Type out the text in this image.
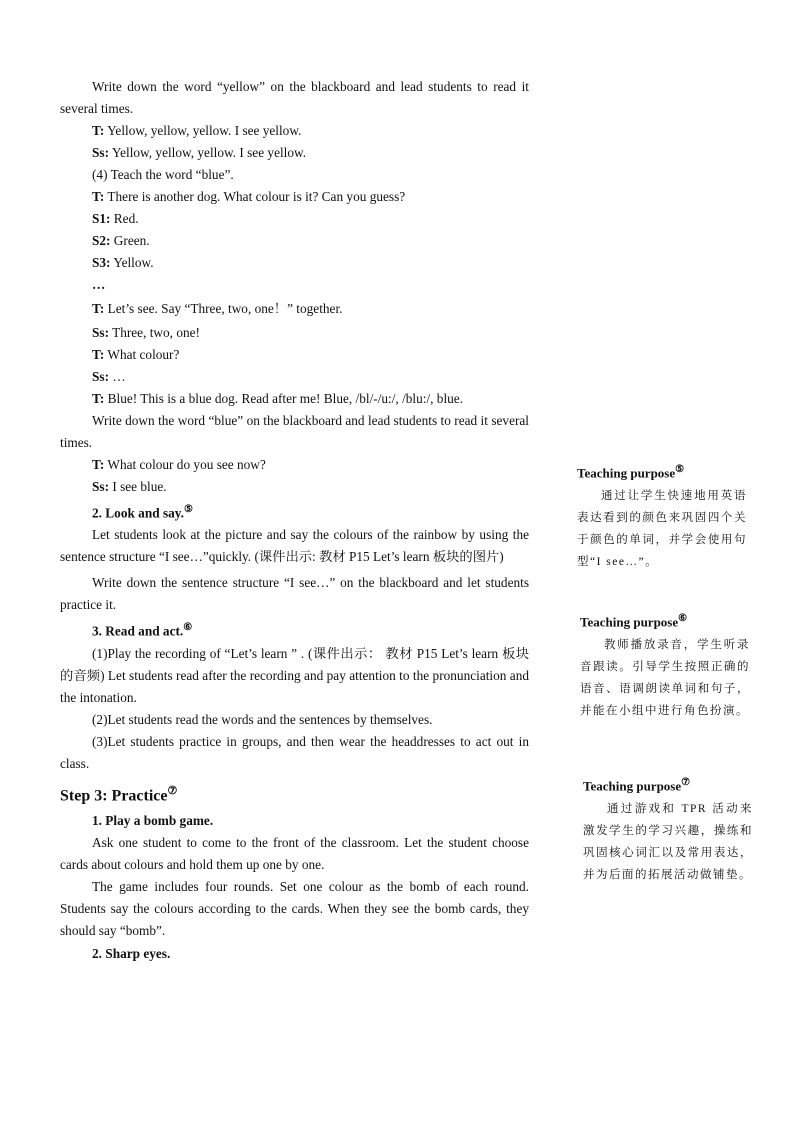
Write down the word “yellow” on the blackboard and lead students to read it several times.

T: Yellow, yellow, yellow. I see yellow.
Ss: Yellow, yellow, yellow. I see yellow.
(4) Teach the word “blue”.
T: There is another dog. What colour is it? Can you guess?
S1: Red.
S2: Green.
S3: Yellow.
…
T: Let’s see. Say “Three, two, one！” together.
Ss: Three, two, one!
T: What colour?
Ss: …

T: Blue! This is a blue dog. Read after me! Blue, /bl/-/u:/, /blu:/, blue.

Write down the word “blue” on the blackboard and lead students to read it several times.

T: What colour do you see now?
Ss: I see blue.
2. Look and say.⑤

Let students look at the picture and say the colours of the rainbow by using the sentence structure “I see…”quickly. (课件出示: 教材 P15 Let’s learn 板块的图片)

Write down the sentence structure “I see…” on the blackboard and let students practice it.

3. Read and act.⑥

(1)Play the recording of “Let’s learn ” . (课件出示： 教材 P15 Let’s learn 板块的音频) Let students read after the recording and pay attention to the pronunciation and the intonation.

(2)Let students read the words and the sentences by themselves.

(3)Let students practice in groups, and then wear the headdresses to act out in class.

Step 3: Practice⑦
1. Play a bomb game.

Ask one student to come to the front of the classroom. Let the student choose cards about colours and hold them up one by one.

The game includes four rounds. Set one colour as the bomb of each round. Students say the colours according to the cards. When they see the bomb cards, they should say “bomb”.

2. Sharp eyes.
Teaching purpose⑤

通过让学生快速地用英语表达看到的颜色来巩固四个关于颜色的单词，并学会使用句型“I see…”。

Teaching purpose⑥

教师播放录音，学生听录音跟读。引导学生按照正确的语音、语调朗读单词和句子，并能在小组中进行角色扮演。

Teaching purpose⑦

通过游戏和 TPR 活动来激发学生的学习兴趣，操练和巩固核心词汇以及常用表达，并为后面的拓展活动做铺垫。
